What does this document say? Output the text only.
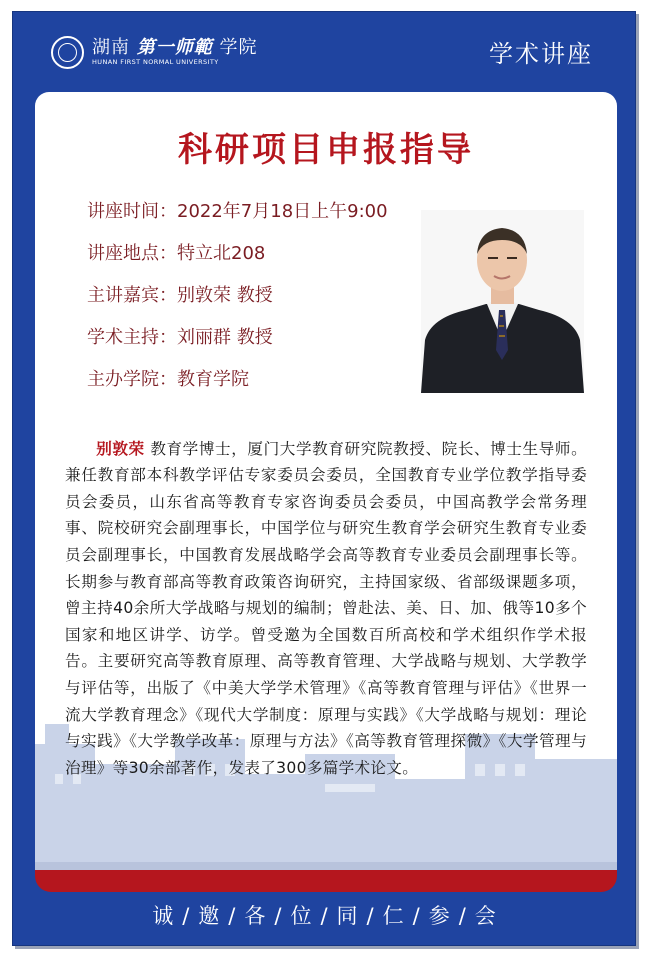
湖南 第一师範 学院
HUNAN FIRST NORMAL UNIVERSITY	学术讲座
科研项目申报指导
讲座时间：2022年7月18日上午9:00
讲座地点：特立北208
主讲嘉宾：别敦荣 教授
学术主持：刘丽群 教授
主办学院：教育学院

别敦荣 教育学博士，厦门大学教育研究院教授、院长、博士生导师。兼任教育部本科教学评估专家委员会委员，全国教育专业学位教学指导委员会委员，山东省高等教育专家咨询委员会委员，中国高教学会常务理事、院校研究会副理事长，中国学位与研究生教育学会研究生教育专业委员会副理事长，中国教育发展战略学会高等教育专业委员会副理事长等。长期参与教育部高等教育政策咨询研究，主持国家级、省部级课题多项，曾主持40余所大学战略与规划的编制；曾赴法、美、日、加、俄等10多个国家和地区讲学、访学。曾受邀为全国数百所高校和学术组织作学术报告。主要研究高等教育原理、高等教育管理、大学战略与规划、大学教学与评估等，出版了《中美大学学术管理》《高等教育管理与评估》《世界一流大学教育理念》《现代大学制度：原理与实践》《大学战略与规划：理论与实践》《大学教学改革：原理与方法》《高等教育管理探微》《大学管理与治理》等30余部著作，发表了300多篇学术论文。

诚 / 邀 / 各 / 位 / 同 / 仁 / 参 / 会
